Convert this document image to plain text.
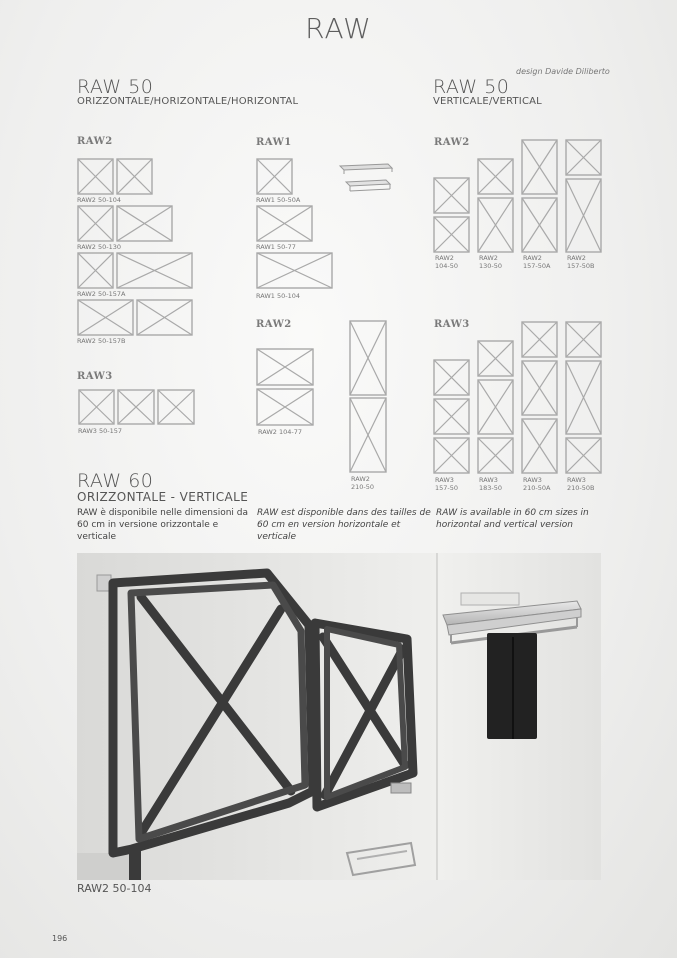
RAW
RAW 50
ORIZZONTALE/HORIZONTALE/HORIZONTAL
design Davide Diliberto
RAW 50
VERTICALE/VERTICAL
RAW2	RAW1
RAW3
RAW2
RAW2
RAW3
RAW2 50-104
RAW2 50-130
RAW2 50-157A
RAW2 50-157B
RAW3 50-157
RAW1 50-50A
RAW1 50-77
RAW1 50-104
RAW2 104-77
RAW2
210-50
RAW2
104-50
RAW2
130-50
RAW2
157-50A
RAW2
157-50B
RAW3
157-50
RAW3
183-50
RAW3
210-50A
RAW3
210-50B
RAW 60
ORIZZONTALE - VERTICALE
RAW è disponibile nelle dimensioni da 60 cm in versione orizzontale e verticale
RAW est disponible dans des tailles de 60 cm en version horizontale et verticale
RAW is available in 60 cm sizes in horizontal and vertical version
RAW2 50-104
196
